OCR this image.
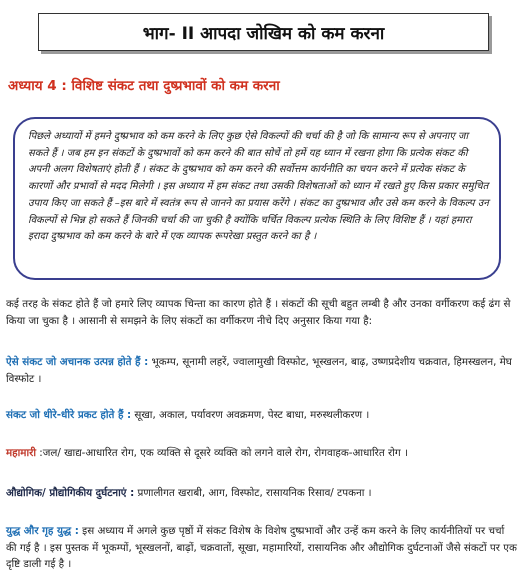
भाग- II आपदा जोखिम को कम करना
अध्याय 4 : विशिष्ट संकट तथा दुष्प्रभावों को कम करना

पिछले अध्यायों में हमने दुष्प्रभाव को कम करने के लिए कुछ ऐसे विकल्पों की चर्चा की है जो कि सामान्य रूप से अपनाए जा सकते हैं । जब हम इन संकटों के दुष्प्रभावों को कम करने की बात सोचें तो हमें यह ध्यान में रखना होगा कि प्रत्येक संकट की अपनी अलग विशेषताएं होती हैं । संकट के दुष्प्रभाव को कम करने की सर्वोत्तम कार्यनीति का चयन करने में प्रत्येक संकट के कारणों और प्रभावों से मदद मिलेगी । इस अध्याय में हम संकट तथा उसकी विशेषताओं को ध्यान में रखते हुए किस प्रकार समुचित उपाय किए जा सकते हैं –इस बारे में स्वतंत्र रूप से जानने का प्रयास करेंगे । संकट का दुष्प्रभाव और उसे कम करने के विकल्प उन विकल्पों से भिन्न हो सकते हैं जिनकी चर्चा की जा चुकी है क्योंकि चर्चित विकल्प प्रत्येक स्थिति के लिए विशिष्ट हैं । यहां हमारा इरादा दुष्प्रभाव को कम करने के बारे में एक व्यापक रूपरेखा प्रस्तुत करने का है ।

कई तरह के संकट होते हैं जो हमारे लिए व्यापक चिन्ता का कारण होते हैं । संकटों की सूची बहुत लम्बी है और उनका वर्गीकरण कई ढंग से किया जा चुका है । आसानी से समझने के लिए संकटों का वर्गीकरण नीचे दिए अनुसार किया गया है:

ऐसे संकट जो अचानक उत्पन्न होते हैं : भूकम्प, सूनामी लहरें, ज्वालामुखी विस्फोट, भूस्खलन, बाढ़, उष्णप्रदेशीय चक्रवात, हिमस्खलन, मेघ विस्फोट ।

संकट जो धीरे-धीरे प्रकट होते हैं : सूखा, अकाल, पर्यावरण अवक्रमण, पेस्ट बाधा, मरुस्थलीकरण ।

महामारी :जल/ खाद्य-आधारित रोग, एक व्यक्ति से दूसरे व्यक्ति को लगने वाले रोग, रोगवाहक-आधारित रोग ।

औद्योगिक/ प्रौद्योगिकीय दुर्घटनाएं : प्रणालीगत खराबी, आग, विस्फोट, रासायनिक रिसाव/ टपकना ।

युद्ध और गृह युद्ध : इस अध्याय में अगले कुछ पृष्ठों में संकट विशेष के विशेष दुष्प्रभावों और उन्हें कम करने के लिए कार्यनीतियों पर चर्चा की गई है । इस पुस्तक में भूकम्पों, भूस्खलनों, बाढ़ों, चक्रवातों, सूखा, महामारियों, रासायनिक और औद्योगिक दुर्घटनाओं जैसे संकटों पर एक दृष्टि डाली गई है ।
